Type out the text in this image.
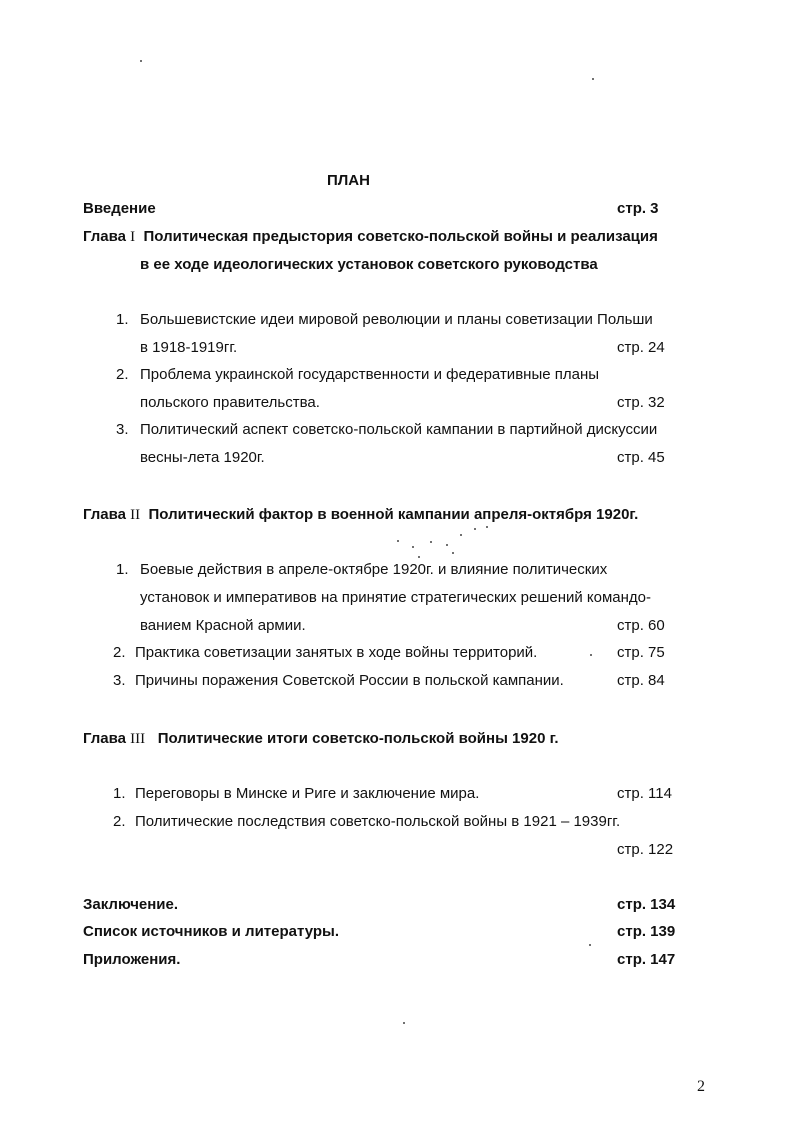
ПЛАН
Введение	стр. 3
Глава I Политическая предыстория советско-польской войны и реализация
в ее ходе идеологических установок советского руководства
1. Большевистские идеи мировой революции и планы советизации Польши
в 1918-1919гг.	стр. 24
2. Проблема украинской государственности и федеративные планы
польского правительства.	стр. 32
3. Политический аспект советско-польской кампании в партийной дискуссии
весны-лета 1920г.	стр. 45
Глава II Политический фактор в военной кампании апреля-октября 1920г.
1. Боевые действия в апреле-октябре 1920г. и влияние политических
установок и императивов на принятие стратегических решений командо-
ванием Красной армии.	стр. 60
2. Практика советизации занятых в ходе войны территорий.	стр. 75
3. Причины поражения Советской России в польской кампании.	стр. 84
Глава III Политические итоги советско-польской войны 1920 г.
1. Переговоры в Минске и Риге и заключение мира.	стр. 114
2. Политические последствия советско-польской войны в 1921 – 1939гг.
стр. 122
Заключение.	стр. 134
Список источников и литературы.	стр. 139
Приложения.	стр. 147
2
